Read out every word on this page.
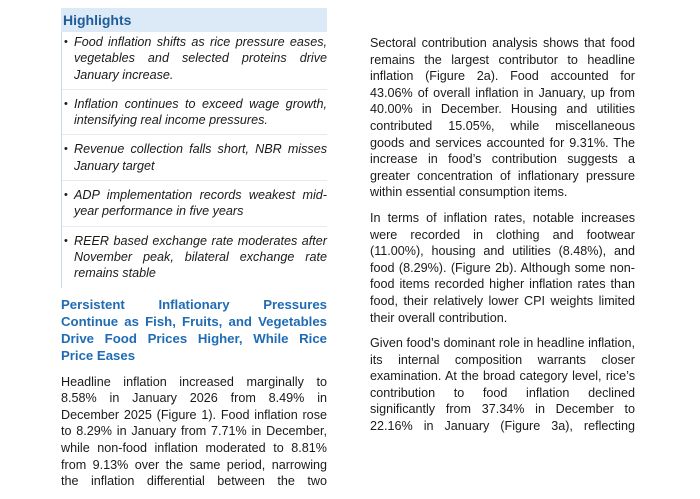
Highlights
• Food inflation shifts as rice pressure eases, vegetables and selected proteins drive January increase.
• Inflation continues to exceed wage growth, intensifying real income pressures.
• Revenue collection falls short, NBR misses January target
• ADP implementation records weakest mid-year performance in five years
• REER based exchange rate moderates after November peak, bilateral exchange rate remains stable
Persistent Inflationary Pressures Continue as Fish, Fruits, and Vegetables Drive Food Prices Higher, While Rice Price Eases

Headline inflation increased marginally to 8.58% in January 2026 from 8.49% in December 2025 (Figure 1). Food inflation rose to 8.29% in January from 7.71% in December, while non-food inflation moderated to 8.81% from 9.13% over the same period, narrowing the inflation differential between the two

Sectoral contribution analysis shows that food remains the largest contributor to headline inflation (Figure 2a). Food accounted for 43.06% of overall inflation in January, up from 40.00% in December. Housing and utilities contributed 15.05%, while miscellaneous goods and services accounted for 9.31%. The increase in food’s contribution suggests a greater concentration of inflationary pressure within essential consumption items.

In terms of inflation rates, notable increases were recorded in clothing and footwear (11.00%), housing and utilities (8.48%), and food (8.29%). (Figure 2b). Although some non-food items recorded higher inflation rates than food, their relatively lower CPI weights limited their overall contribution.

Given food’s dominant role in headline inflation, its internal composition warrants closer examination. At the broad category level, rice’s contribution to food inflation declined significantly from 37.34% in December to 22.16% in January (Figure 3a), reflecting
